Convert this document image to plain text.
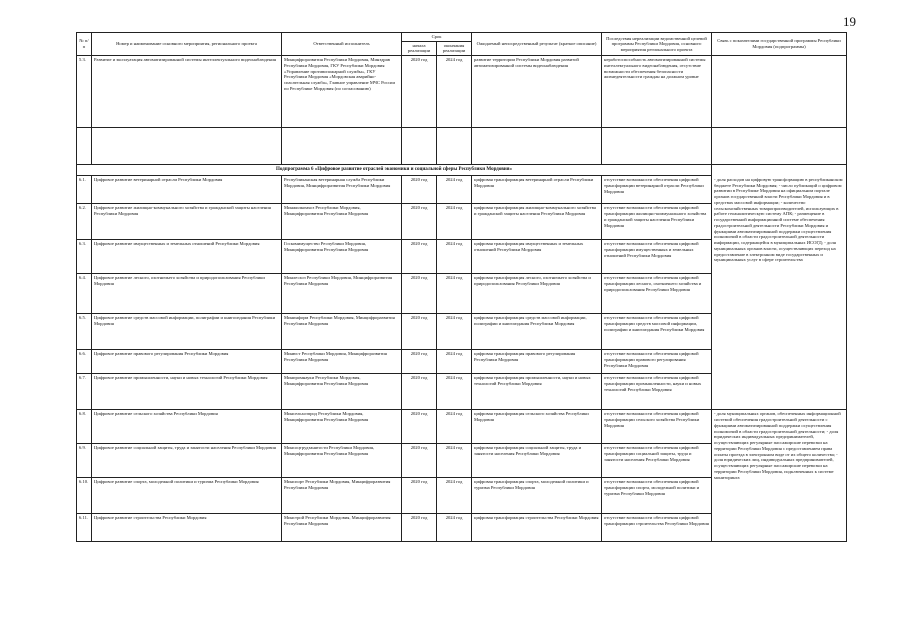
19
№ п/п	Номер и наименование основного мероприятия, регионального проекта	Ответственный исполнитель	Срок		Ожидаемый непосредственный результат (краткое описание)	Последствия нереализации ведомственной целевой программы Республики Мордовия, основного мероприятия регионального проекта	Связь с показателями государственной программы Республики Мордовия (подпрограммы)
			начала реализации	окончания реализации			
5.3.	Развитие и эксплуатация автоматизированной системы интеллектуального видеонаблюдения	Минцифроразвития Республики Мордовия, Минздрав Республики Мордовия, ГКУ Республики Мордовия «Управление противопожарной службы», ГКУ Республики Мордовия «Мордовская аварийно-спасательная служба», Главное управление МЧС России по Республике Мордовия (по согласованию)	2020 год	2024 год	развитие территории Республики Мордовия развитой автоматизированной системы видеонаблюдения	неработоспособность автоматизированной системы интеллектуального видеонаблюдения, отсутствие возможности обеспечения безопасности жизнедеятельности граждан на должном уровне	

Подпрограмма 6 «Цифровое развитие отраслей экономики и социальной сферы Республики Мордовия»							
6.1.	Цифровое развитие ветеринарной отрасли Республики Мордовия	Республиканская ветеринарная служба Республики Мордовия, Минцифроразвития Республики Мордовия	2020 год	2024 год	цифровая трансформация ветеринарной отрасли Республики Мордовия	отсутствие возможности обеспечения цифровой трансформации ветеринарной отрасли Республики Мордовия	- доля расходов на цифровую трансформацию в республиканском бюджете Республики Мордовия; - число публикаций о цифровом развитии в Республике Мордовия на официальном портале органов государственной власти Республики Мордовия и в средствах массовой информации; - количество сельскохозяйственных товаропроизводителей, использующих в работе геоаналитическую систему АПК; - размещение в государственной информационной системе обеспечения градостроительной деятельности Республики Мордовия и функциями автоматизированной поддержки осуществления полномочий в области градостроительной деятельности информации, содержащейся в муниципальных ИСОГД; - доля муниципальных органов власти, осуществляющих переход на предоставление в электронном виде государственных и муниципальных услуг в сфере строительства
6.2.	Цифровое развитие жилищно-коммунального хозяйства и гражданской защиты населения Республики Мордовия	Минжилкомхоз Республики Мордовия, Минцифроразвития Республики Мордовия	2020 год	2024 год	цифровая трансформация жилищно-коммунального хозяйства и гражданской защиты населения Республики Мордовия	отсутствие возможности обеспечения цифровой трансформации жилищно-коммунального хозяйства и гражданской защиты населения Республики Мордовия	
6.3.	Цифровое развитие имущественных и земельных отношений Республики Мордовия	Госкомимущество Республики Мордовия, Минцифроразвития Республики Мордовия	2020 год	2024 год	цифровая трансформация имущественных и земельных отношений Республики Мордовия	отсутствие возможности обеспечения цифровой трансформации имущественных и земельных отношений Республики Мордовия	
6.4.	Цифровое развитие лесного, охотничьего хозяйства и природопользования Республики Мордовия	Минлесхоз Республики Мордовия, Минцифроразвития Республики Мордовия	2020 год	2024 год	цифровая трансформация лесного, охотничьего хозяйства и природопользования Республики Мордовия	отсутствие возможности обеспечения цифровой трансформации лесного, охотничьего хозяйства и природопользования Республики Мордовия	
6.5.	Цифровое развитие средств массовой информации, полиграфии и книгоиздания Республики Мордовия	Мининформ Республики Мордовия, Минцифроразвития Республики Мордовия	2020 год	2024 год	цифровая трансформация средств массовой информации, полиграфии и книгоиздания Республики Мордовия	отсутствие возможности обеспечения цифровой трансформации средств массовой информации, полиграфии и книгоиздания Республики Мордовия	
6.6.	Цифровое развитие правового регулирования Республики Мордовия	Минюст Республики Мордовия, Минцифроразвития Республики Мордовия	2020 год	2024 год	цифровая трансформация правового регулирования Республики Мордовия	отсутствие возможности обеспечения цифровой трансформации правового регулирования Республики Мордовия	
6.7.	Цифровое развитие промышленности, науки и новых технологий Республики Мордовия	Минпромнауки Республики Мордовия, Минцифроразвития Республики Мордовия	2020 год	2024 год	цифровая трансформация промышленности, науки и новых технологий Республики Мордовия	отсутствие возможности обеспечения цифровой трансформации промышленности, науки и новых технологий Республики Мордовия	
6.8.	Цифровое развитие сельского хозяйства Республики Мордовия	Минсельхозпрод Республики Мордовия, Минцифроразвития Республики Мордовия	2020 год	2024 год	цифровая трансформация сельского хозяйства Республики Мордовия	отсутствие возможности обеспечения цифровой трансформации сельского хозяйства Республики Мордовия	- доля муниципальных органов, обеспеченных информационной системой обеспечения градостроительной деятельности с функциями автоматизированной поддержки осуществления полномочий в области градостроительной деятельности; - доля юридических индивидуальных предпринимателей, осуществляющих регулярные пассажирские перевозки на территории Республики Мордовия с предоставлением права оплаты проезда в электронном виде от их общего количества; - доля юридических лиц, индивидуальных предпринимателей, осуществляющих регулярные пассажирские перевозки на территории Республики Мордовия, подключенных к системе мониторинга
6.9.	Цифровое развитие социальной защиты, труда и занятости населения Республики Мордовия	Минсоцтрудзанятости Республики Мордовия, Минцифроразвития Республики Мордовия	2020 год	2024 год	цифровая трансформация социальной защиты, труда и занятости населения Республики Мордовия	отсутствие возможности обеспечения цифровой трансформации социальной защиты, труда и занятости населения Республики Мордовия	
6.10.	Цифровое развитие спорта, молодежной политики и туризма Республики Мордовия	Минспорт Республики Мордовия, Минцифроразвития Республики Мордовия	2020 год	2024 год	цифровая трансформация спорта, молодежной политики и туризма Республики Мордовия	отсутствие возможности обеспечения цифровой трансформации спорта, молодежной политики и туризма Республики Мордовия	
6.11.	Цифровое развитие строительства Республики Мордовия	Минстрой Республики Мордовия, Минцифроразвития Республики Мордовия	2020 год	2024 год	цифровая трансформация строительства Республики Мордовия	отсутствие возможности обеспечения цифровой трансформации строительства Республики Мордовия	
